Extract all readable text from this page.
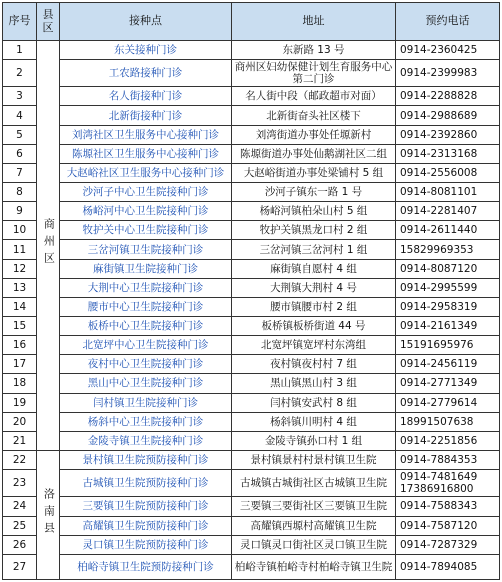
序号	县区	接种点	地址	预约电话
1	商州区	东关接种门诊	东新路 13 号	0914-2360425
2		工农路接种门诊	商州区妇幼保健计划生育服务中心第二门诊	0914-2399983
3		名人街接种门诊	名人街中段（邮政超市对面）	0914-2288828
4		北新街接种门诊	北新街奋头社区楼下	0914-2988689
5		刘湾社区卫生服务中心接种门诊	刘湾街道办事处任塬新村	0914-2392860
6		陈塬社区卫生服务中心接种门诊	陈塬街道办事处仙鹅湖社区二组	0914-2313168
7		大赵峪社区卫生服务中心接种门诊	大赵峪街道办事处梁铺村 5 组	0914-2556008
8		沙河子中心卫生院接种门诊	沙河子镇东一路 1 号	0914-8081101
9		杨峪河中心卫生院接种门诊	杨峪河镇柏朵山村 5 组	0914-2281407
10		牧护关中心卫生院接种门诊	牧护关镇黑龙口村 2 组	0914-2611440
11		三岔河镇卫生院接种门诊	三岔河镇三岔河村 1 组	15829969353
12		麻街镇卫生院接种门诊	麻街镇自愿村 4 组	0914-8087120
13		大荆中心卫生院接种门诊	大荆镇大荆村 4 号	0914-2995599
14		腰市中心卫生院接种门诊	腰市镇腰市村 2 组	0914-2958319
15		板桥中心卫生院接种门诊	板桥镇板桥街道 44 号	0914-2161349
16		北宽坪中心卫生院接种门诊	北宽坪镇宽坪村东湾组	15191695976
17		夜村中心卫生院接种门诊	夜村镇夜村村 7 组	0914-2456119
18		黑山中心卫生院接种门诊	黑山镇黑山村 3 组	0914-2771349
19		闫村镇卫生院接种门诊	闫村镇安武村 8 组	0914-2779614
20		杨斜中心卫生院接种门诊	杨斜镇川明村 4 组	18991507638
21		金陵寺镇卫生院接种门诊	金陵寺镇孙口村 1 组	0914-2251856
22	洛南县	景村镇卫生院预防接种门诊	景村镇景村村景村镇卫生院	0914-7884353
23		古城镇卫生院预防接种门诊	古城镇古城街社区古城镇卫生院	0914-7481649 17386916800
24		三要镇卫生院预防接种门诊	三要镇三要街社区三要镇卫生院	0914-7588343
25		高耀镇卫生院预防接种门诊	高耀镇西塬村高耀镇卫生院	0914-7587120
26		灵口镇卫生院预防接种门诊	灵口镇灵口街社区灵口镇卫生院	0914-7287329
27		柏峪寺镇卫生院预防接种门诊	柏峪寺镇柏峪寺村柏峪寺镇卫生院	0914-7894085
